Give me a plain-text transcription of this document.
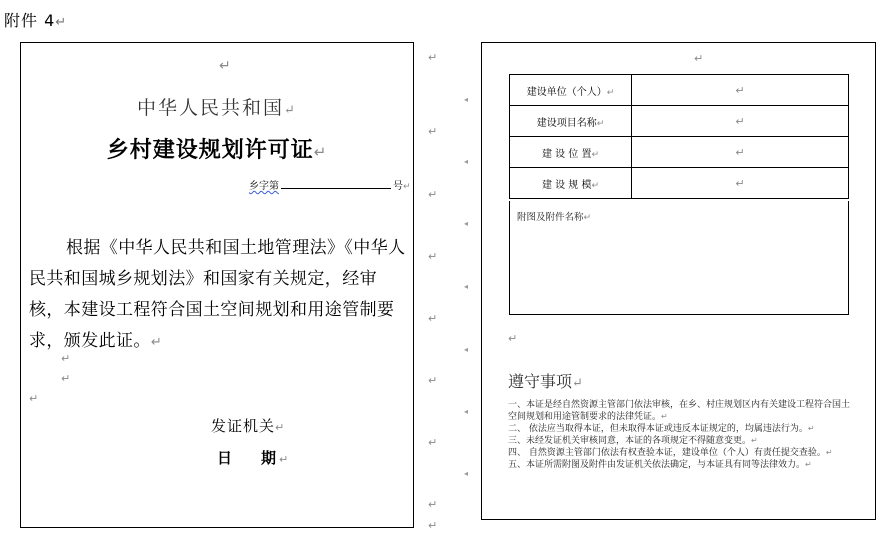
附件 4↵
↵
中华人民共和国↵
乡村建设规划许可证↵
乡字第	号↵
根据《中华人民共和国土地管理法》《中华人民共和国城乡规划法》和国家有关规定，经审核，本建设工程符合国土空间规划和用途管制要求，颁发此证。↵
↵
↵
↵
发证机关↵
日 期↵
↵
↵
↵
↵
↵
↵
↵
↵
↵
◂
◂
◂
◂
◂
◂
◂
↵
建设单位（个人）↵	↵
建设项目名称↵	↵
建 设 位 置↵	↵
建 设 规 模↵	↵
附图及附件名称↵
↵
遵守事项↵

一、本证是经自然资源主管部门依法审核，在乡、村庄规划区内有关建设工程符合国土空间规划和用途管制要求的法律凭证。↵

二、 依法应当取得本证，但未取得本证或违反本证规定的，均属违法行为。↵

三、未经发证机关审核同意，本证的各项规定不得随意变更。↵

四、 自然资源主管部门依法有权查验本证，建设单位（个人）有责任提交查验。↵

五、本证所需附图及附件由发证机关依法确定，与本证具有同等法律效力。↵
